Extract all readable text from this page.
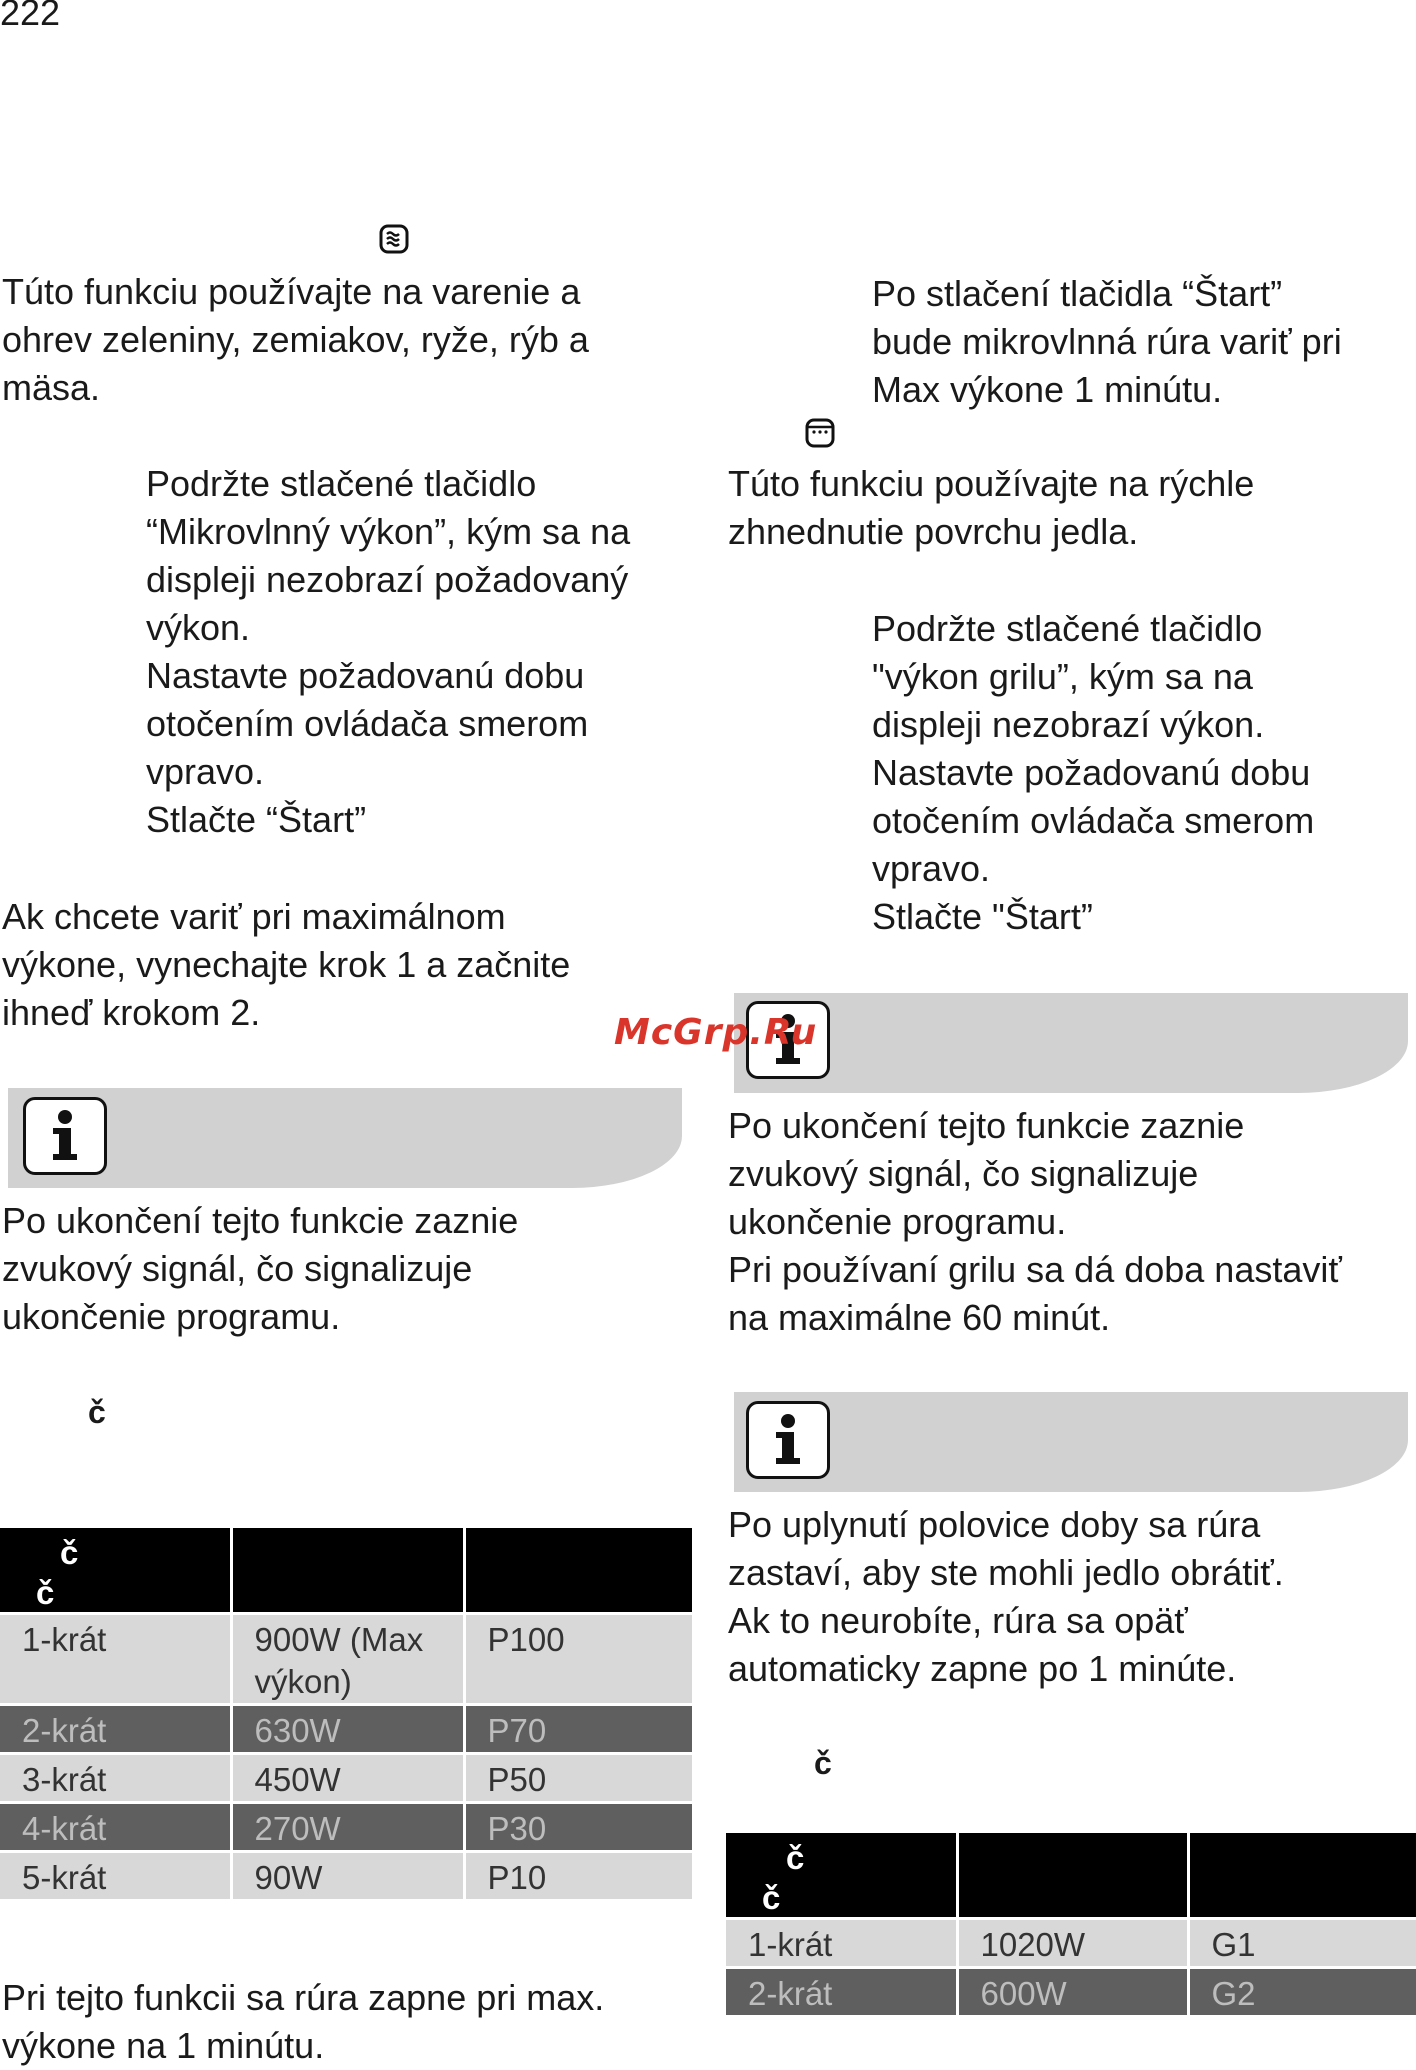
222
Túto funkciu používajte na varenie a
ohrev zeleniny, zemiakov, ryže, rýb a
mäsa.
Podržte stlačené tlačidlo
“Mikrovlnný výkon”, kým sa na
displeji nezobrazí požadovaný
výkon.
Nastavte požadovanú dobu
otočením ovládača smerom
vpravo.
Stlačte “Štart”
Ak chcete variť pri maximálnom
výkone, vynechajte krok 1 a začnite
ihneď krokom 2.
Po ukončení tejto funkcie zaznie
zvukový signál, čo signalizuje
ukončenie programu.
č
č
č		

1-krát	900W (Max výkon)	P100
2-krát	630W	P70
3-krát	450W	P50
4-krát	270W	P30
5-krát	90W	P10
Pri tejto funkcii sa rúra zapne pri max.
výkone na 1 minútu.
Po stlačení tlačidla “Štart”
bude mikrovlnná rúra variť pri
Max výkone 1 minútu.
Túto funkciu používajte na rýchle
zhnednutie povrchu jedla.
Podržte stlačené tlačidlo
"výkon grilu”, kým sa na
displeji nezobrazí výkon.
Nastavte požadovanú dobu
otočením ovládača smerom
vpravo.
Stlačte "Štart”
McGrp.Ru
Po ukončení tejto funkcie zaznie
zvukový signál, čo signalizuje
ukončenie programu.
Pri používaní grilu sa dá doba nastaviť
na maximálne 60 minút.
Po uplynutí polovice doby sa rúra
zastaví, aby ste mohli jedlo obrátiť.
Ak to neurobíte, rúra sa opäť
automaticky zapne po 1 minúte.
č
č
č		

1-krát	1020W	G1
2-krát	600W	G2
